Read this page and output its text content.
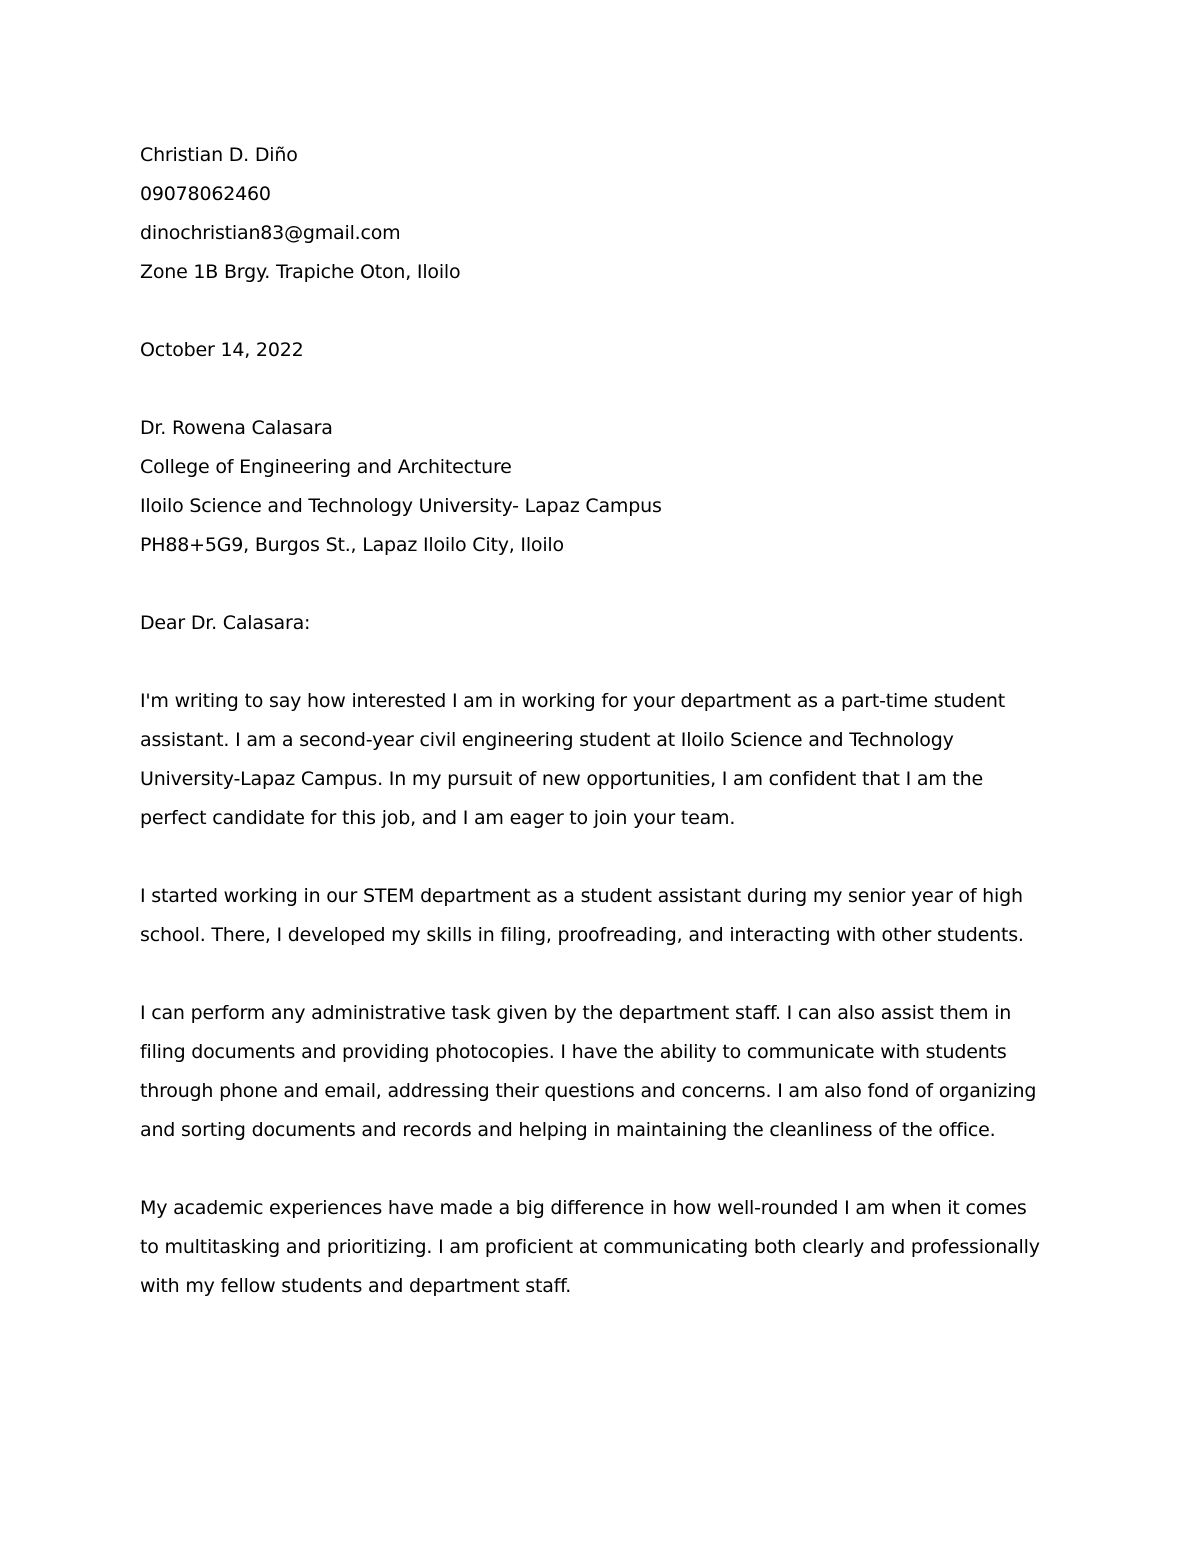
Christian D. Diño
09078062460
dinochristian83@gmail.com
Zone 1B Brgy. Trapiche Oton, Iloilo
October 14, 2022
Dr. Rowena Calasara
College of Engineering and Architecture
Iloilo Science and Technology University- Lapaz Campus
PH88+5G9, Burgos St., Lapaz Iloilo City, Iloilo
Dear Dr. Calasara:
I'm writing to say how interested I am in working for your department as a part-time student
assistant. I am a second-year civil engineering student at Iloilo Science and Technology
University-Lapaz Campus. In my pursuit of new opportunities, I am confident that I am the
perfect candidate for this job, and I am eager to join your team.
I started working in our STEM department as a student assistant during my senior year of high
school. There, I developed my skills in filing, proofreading, and interacting with other students.
I can perform any administrative task given by the department staff. I can also assist them in
filing documents and providing photocopies. I have the ability to communicate with students
through phone and email, addressing their questions and concerns. I am also fond of organizing
and sorting documents and records and helping in maintaining the cleanliness of the office.
My academic experiences have made a big difference in how well-rounded I am when it comes
to multitasking and prioritizing. I am proficient at communicating both clearly and professionally
with my fellow students and department staff.
